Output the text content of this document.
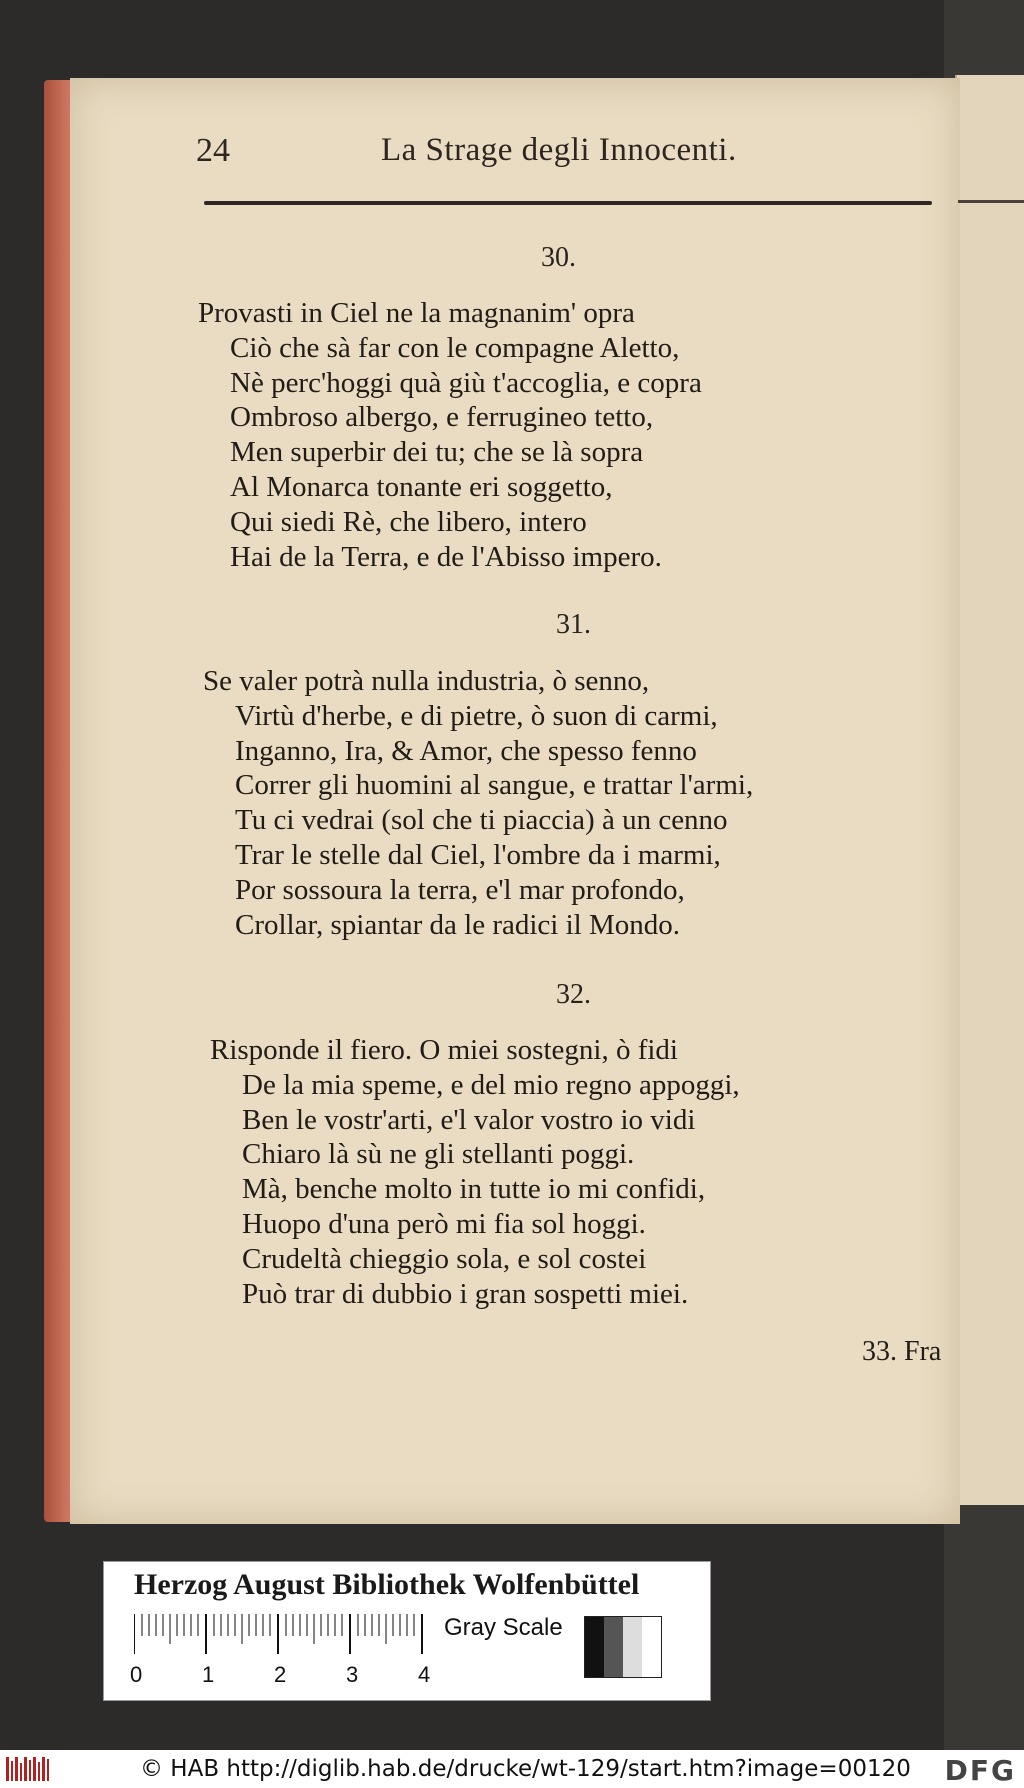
24	La Strage degli Innocenti.
30.
Provasti in Ciel ne la magnanim' opra
Ciò che sà far con le compagne Aletto,
Nè perc'hoggi quà giù t'accoglia, e copra
Ombroso albergo, e ferrugineo tetto,
Men superbir dei tu; che se là sopra
Al Monarca tonante eri soggetto,
Qui siedi Rè, che libero, intero
Hai de la Terra, e de l'Abisso impero.
31.
Se valer potrà nulla industria, ò senno,
Virtù d'herbe, e di pietre, ò suon di carmi,
Inganno, Ira, & Amor, che spesso fenno
Correr gli huomini al sangue, e trattar l'armi,
Tu ci vedrai (sol che ti piaccia) à un cenno
Trar le stelle dal Ciel, l'ombre da i marmi,
Por sossoura la terra, e'l mar profondo,
Crollar, spiantar da le radici il Mondo.
32.
Risponde il fiero. O miei sostegni, ò fidi
De la mia speme, e del mio regno appoggi,
Ben le vostr'arti, e'l valor vostro io vidi
Chiaro là sù ne gli stellanti poggi.
Mà, benche molto in tutte io mi confidi,
Huopo d'una però mi fia sol hoggi.
Crudeltà chieggio sola, e sol costei
Può trar di dubbio i gran sospetti miei.
33. Fra
Herzog August Bibliothek Wolfenbüttel
0	1	2	3	4
Gray Scale
© HAB http://diglib.hab.de/drucke/wt-129/start.htm?image=00120 DFG
